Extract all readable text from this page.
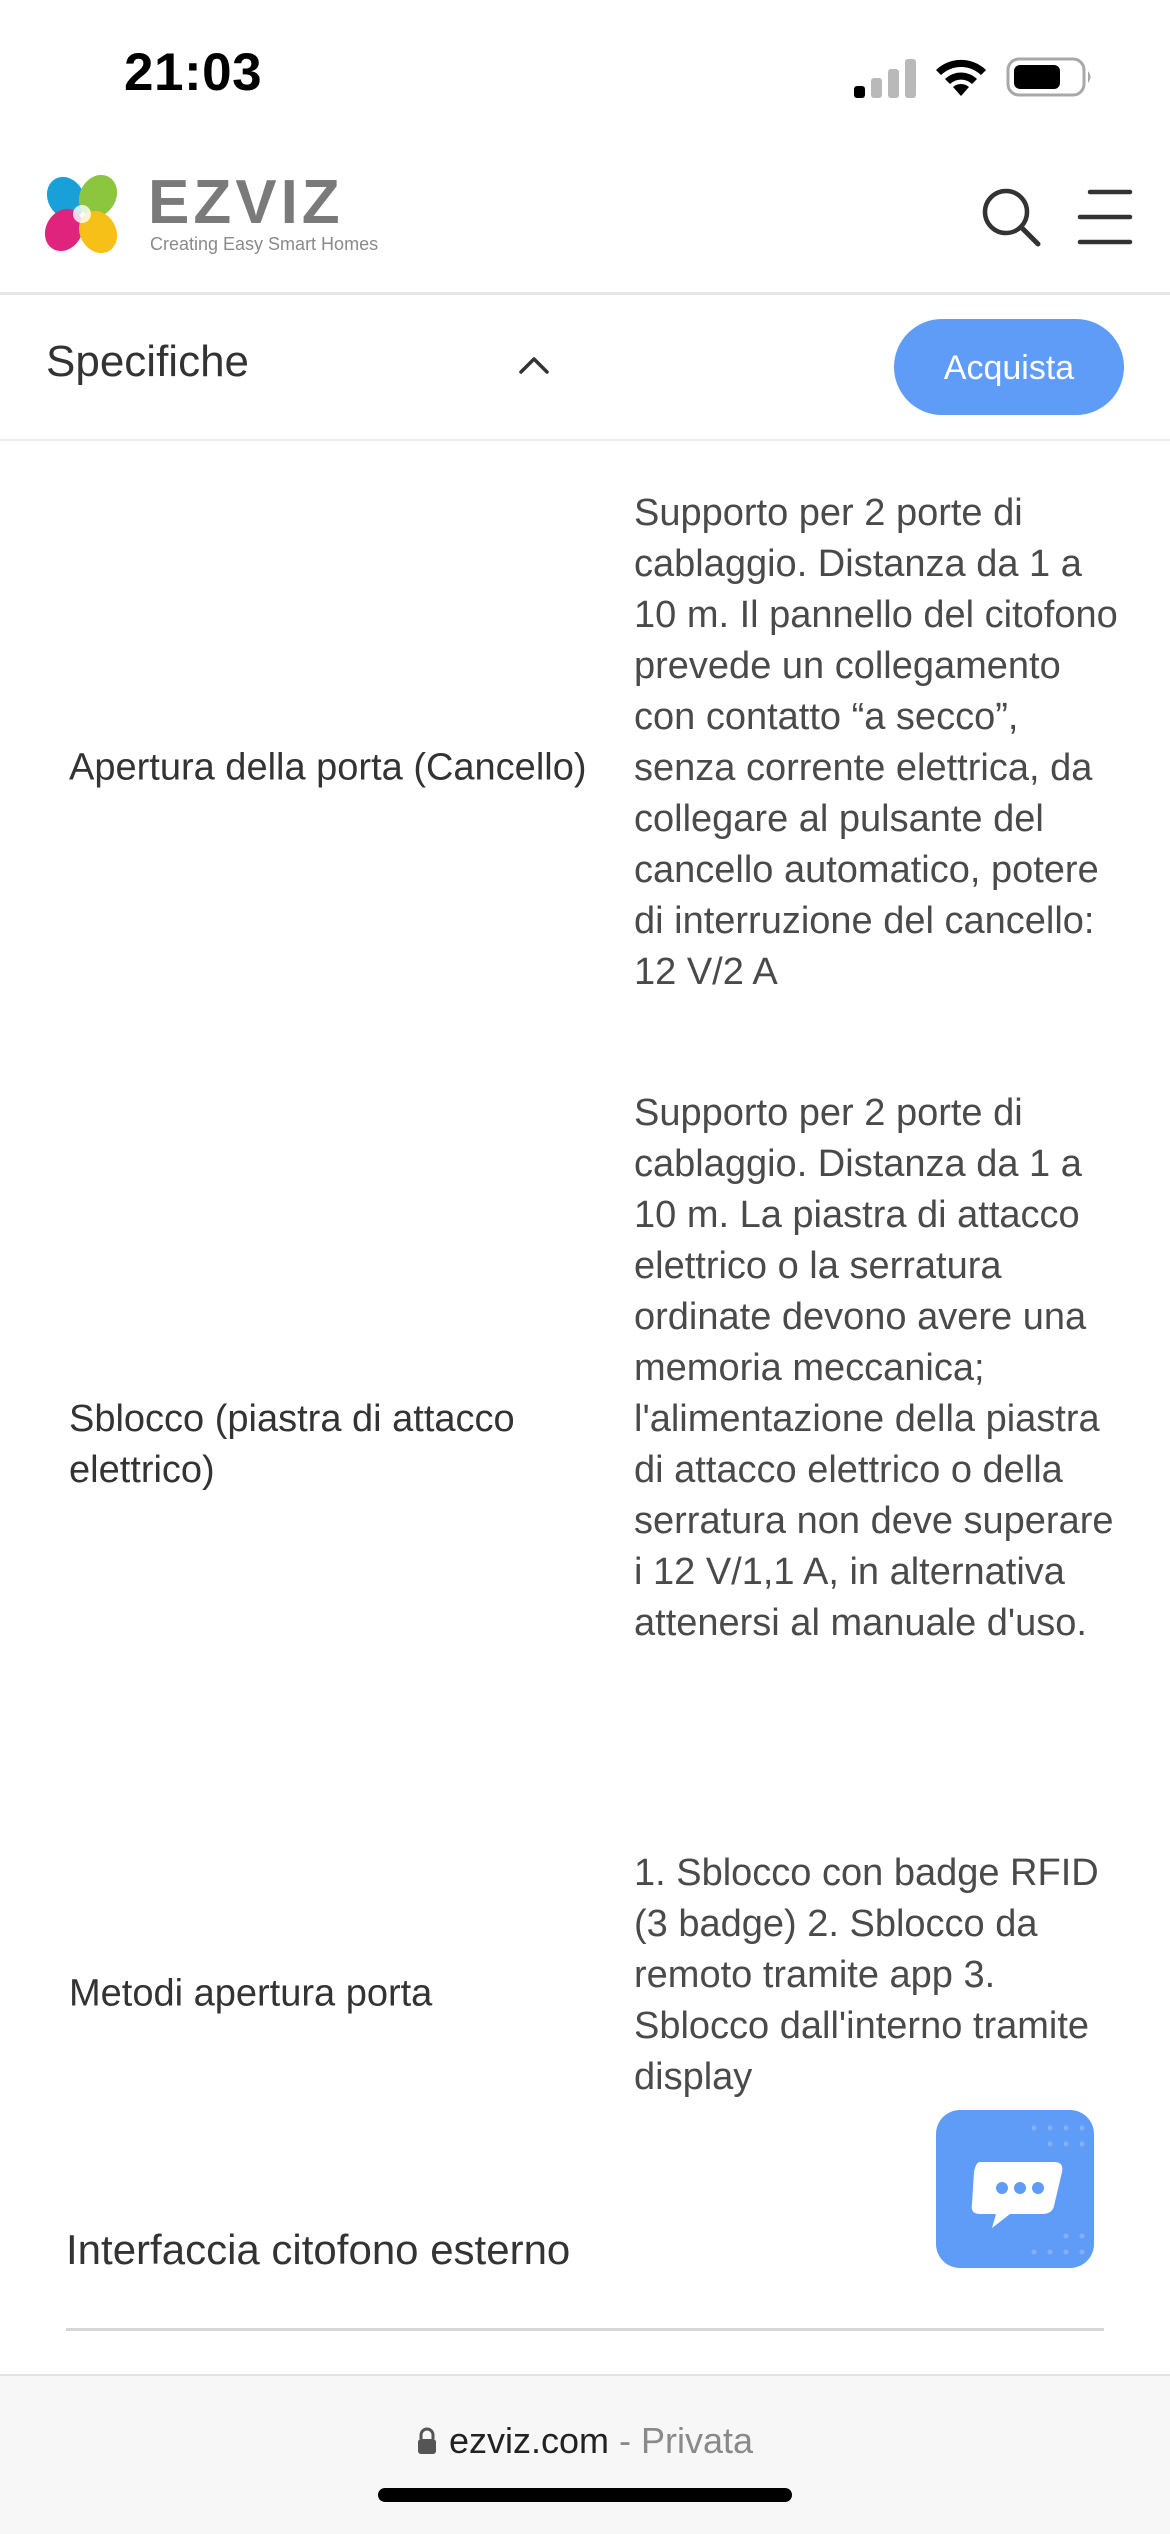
21:03
EZVIZ
Creating Easy Smart Homes
Specifiche	Acquista
Apertura della porta (Cancello)
Supporto per 2 porte di cablaggio. Distanza da 1 a 10 m. Il pannello del citofono prevede un collegamento con contatto “a secco”, senza corrente elettrica, da collegare al pulsante del cancello automatico, potere di interruzione del cancello: 12 V/2 A
Sblocco (piastra di attacco elettrico)
Supporto per 2 porte di cablaggio. Distanza da 1 a 10 m. La piastra di attacco elettrico o la serratura ordinate devono avere una memoria meccanica; l'alimentazione della piastra di attacco elettrico o della serratura non deve superare i 12 V/1,1 A, in alternativa attenersi al manuale d'uso.
Metodi apertura porta
1. Sblocco con badge RFID (3 badge) 2. Sblocco da remoto tramite app 3. Sblocco dall'interno tramite display
Interfaccia citofono esterno
ezviz.com - Privata
